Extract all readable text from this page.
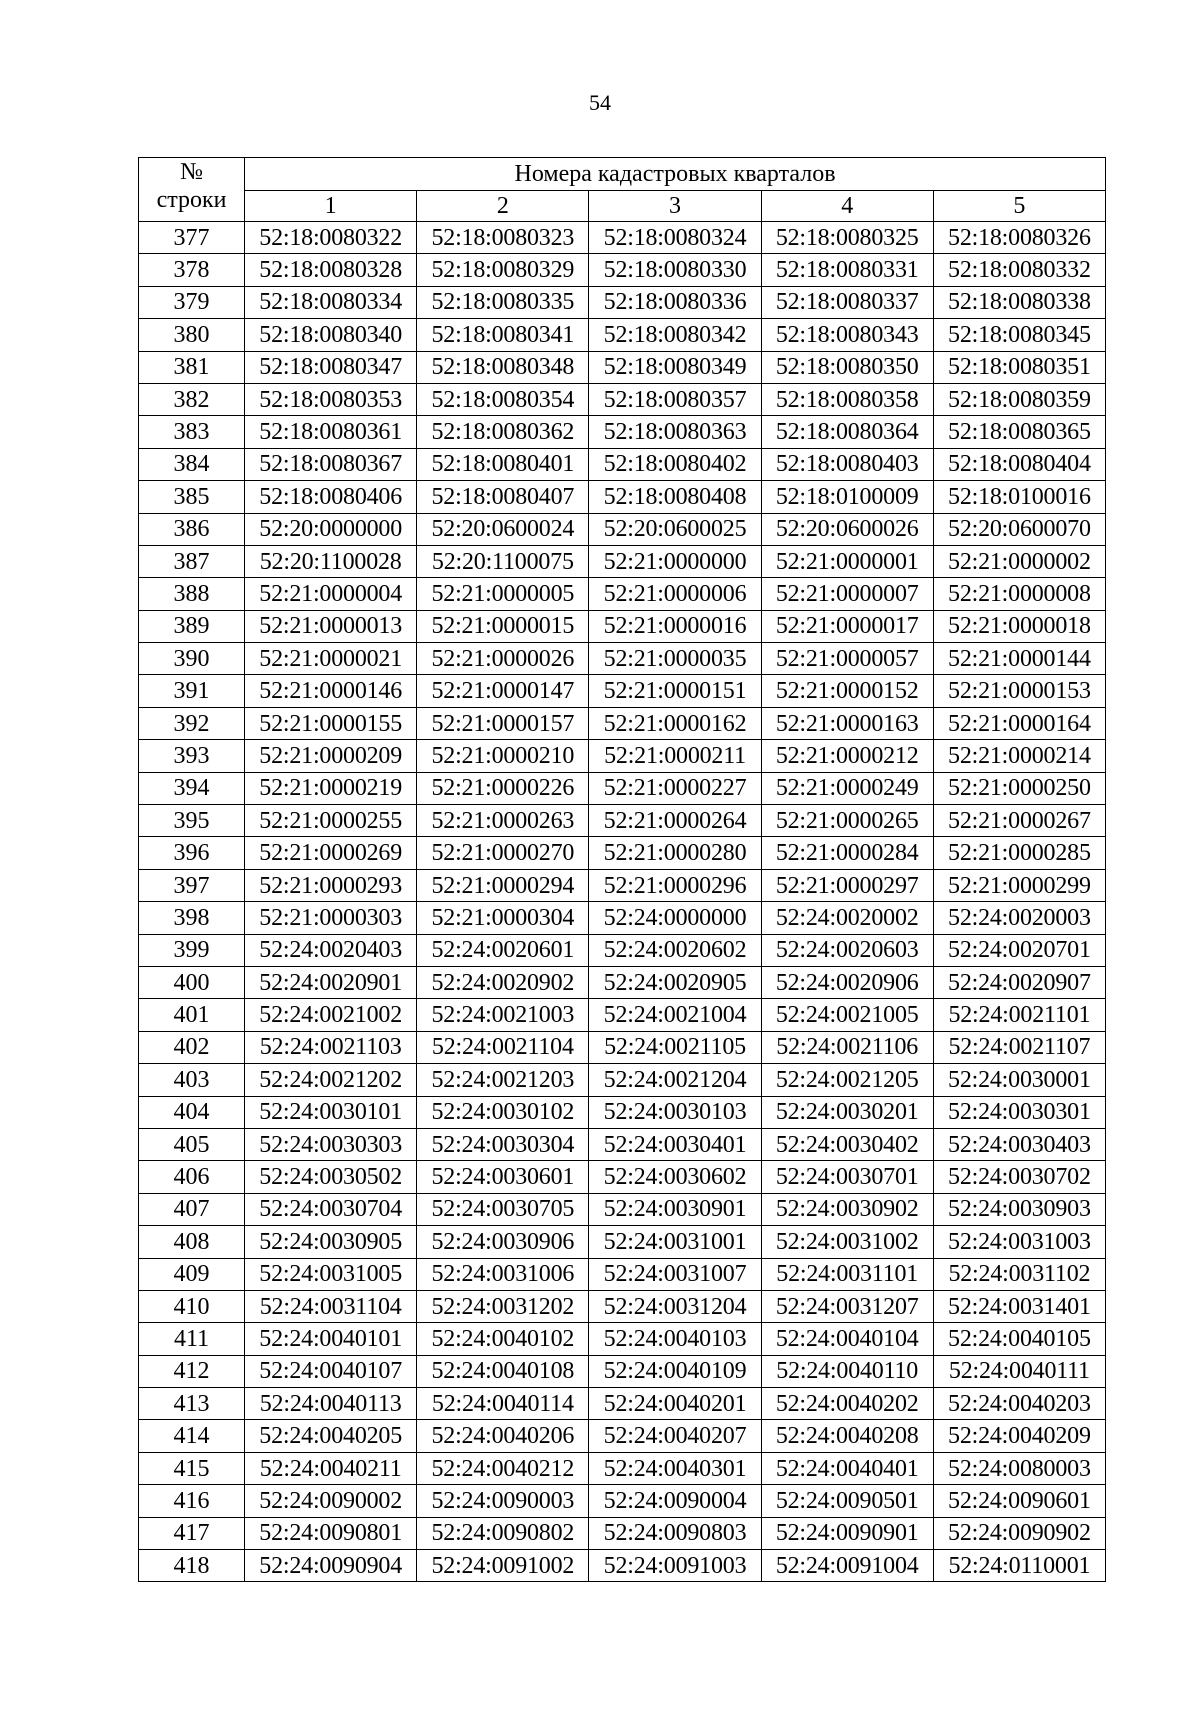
54
№
строки	Номера кадастровых кварталов				
	1	2	3	4	5
377	52:18:0080322	52:18:0080323	52:18:0080324	52:18:0080325	52:18:0080326
378	52:18:0080328	52:18:0080329	52:18:0080330	52:18:0080331	52:18:0080332
379	52:18:0080334	52:18:0080335	52:18:0080336	52:18:0080337	52:18:0080338
380	52:18:0080340	52:18:0080341	52:18:0080342	52:18:0080343	52:18:0080345
381	52:18:0080347	52:18:0080348	52:18:0080349	52:18:0080350	52:18:0080351
382	52:18:0080353	52:18:0080354	52:18:0080357	52:18:0080358	52:18:0080359
383	52:18:0080361	52:18:0080362	52:18:0080363	52:18:0080364	52:18:0080365
384	52:18:0080367	52:18:0080401	52:18:0080402	52:18:0080403	52:18:0080404
385	52:18:0080406	52:18:0080407	52:18:0080408	52:18:0100009	52:18:0100016
386	52:20:0000000	52:20:0600024	52:20:0600025	52:20:0600026	52:20:0600070
387	52:20:1100028	52:20:1100075	52:21:0000000	52:21:0000001	52:21:0000002
388	52:21:0000004	52:21:0000005	52:21:0000006	52:21:0000007	52:21:0000008
389	52:21:0000013	52:21:0000015	52:21:0000016	52:21:0000017	52:21:0000018
390	52:21:0000021	52:21:0000026	52:21:0000035	52:21:0000057	52:21:0000144
391	52:21:0000146	52:21:0000147	52:21:0000151	52:21:0000152	52:21:0000153
392	52:21:0000155	52:21:0000157	52:21:0000162	52:21:0000163	52:21:0000164
393	52:21:0000209	52:21:0000210	52:21:0000211	52:21:0000212	52:21:0000214
394	52:21:0000219	52:21:0000226	52:21:0000227	52:21:0000249	52:21:0000250
395	52:21:0000255	52:21:0000263	52:21:0000264	52:21:0000265	52:21:0000267
396	52:21:0000269	52:21:0000270	52:21:0000280	52:21:0000284	52:21:0000285
397	52:21:0000293	52:21:0000294	52:21:0000296	52:21:0000297	52:21:0000299
398	52:21:0000303	52:21:0000304	52:24:0000000	52:24:0020002	52:24:0020003
399	52:24:0020403	52:24:0020601	52:24:0020602	52:24:0020603	52:24:0020701
400	52:24:0020901	52:24:0020902	52:24:0020905	52:24:0020906	52:24:0020907
401	52:24:0021002	52:24:0021003	52:24:0021004	52:24:0021005	52:24:0021101
402	52:24:0021103	52:24:0021104	52:24:0021105	52:24:0021106	52:24:0021107
403	52:24:0021202	52:24:0021203	52:24:0021204	52:24:0021205	52:24:0030001
404	52:24:0030101	52:24:0030102	52:24:0030103	52:24:0030201	52:24:0030301
405	52:24:0030303	52:24:0030304	52:24:0030401	52:24:0030402	52:24:0030403
406	52:24:0030502	52:24:0030601	52:24:0030602	52:24:0030701	52:24:0030702
407	52:24:0030704	52:24:0030705	52:24:0030901	52:24:0030902	52:24:0030903
408	52:24:0030905	52:24:0030906	52:24:0031001	52:24:0031002	52:24:0031003
409	52:24:0031005	52:24:0031006	52:24:0031007	52:24:0031101	52:24:0031102
410	52:24:0031104	52:24:0031202	52:24:0031204	52:24:0031207	52:24:0031401
411	52:24:0040101	52:24:0040102	52:24:0040103	52:24:0040104	52:24:0040105
412	52:24:0040107	52:24:0040108	52:24:0040109	52:24:0040110	52:24:0040111
413	52:24:0040113	52:24:0040114	52:24:0040201	52:24:0040202	52:24:0040203
414	52:24:0040205	52:24:0040206	52:24:0040207	52:24:0040208	52:24:0040209
415	52:24:0040211	52:24:0040212	52:24:0040301	52:24:0040401	52:24:0080003
416	52:24:0090002	52:24:0090003	52:24:0090004	52:24:0090501	52:24:0090601
417	52:24:0090801	52:24:0090802	52:24:0090803	52:24:0090901	52:24:0090902
418	52:24:0090904	52:24:0091002	52:24:0091003	52:24:0091004	52:24:0110001
